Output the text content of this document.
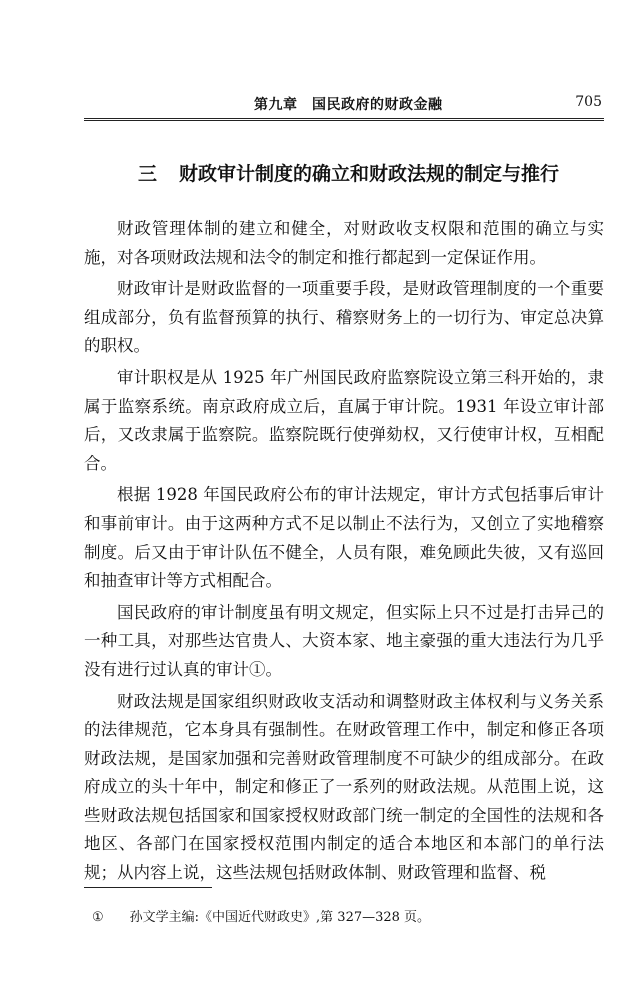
第九章　国民政府的财政金融	705
三 财政审计制度的确立和财政法规的制定与推行

财政管理体制的建立和健全，对财政收支权限和范围的确立与实施，对各项财政法规和法令的制定和推行都起到一定保证作用。

财政审计是财政监督的一项重要手段，是财政管理制度的一个重要组成部分，负有监督预算的执行、稽察财务上的一切行为、审定总决算的职权。

审计职权是从 1925 年广州国民政府监察院设立第三科开始的，隶属于监察系统。南京政府成立后，直属于审计院。1931 年设立审计部后，又改隶属于监察院。监察院既行使弹劾权，又行使审计权，互相配合。

根据 1928 年国民政府公布的审计法规定，审计方式包括事后审计和事前审计。由于这两种方式不足以制止不法行为，又创立了实地稽察制度。后又由于审计队伍不健全，人员有限，难免顾此失彼，又有巡回和抽查审计等方式相配合。

国民政府的审计制度虽有明文规定，但实际上只不过是打击异己的一种工具，对那些达官贵人、大资本家、地主豪强的重大违法行为几乎没有进行过认真的审计①。

财政法规是国家组织财政收支活动和调整财政主体权利与义务关系的法律规范，它本身具有强制性。在财政管理工作中，制定和修正各项财政法规，是国家加强和完善财政管理制度不可缺少的组成部分。在政府成立的头十年中，制定和修正了一系列的财政法规。从范围上说，这些财政法规包括国家和国家授权财政部门统一制定的全国性的法规和各地区、各部门在国家授权范围内制定的适合本地区和本部门的单行法规；从内容上说，这些法规包括财政体制、财政管理和监督、税

① 孙文学主编:《中国近代财政史》,第 327—328 页。
